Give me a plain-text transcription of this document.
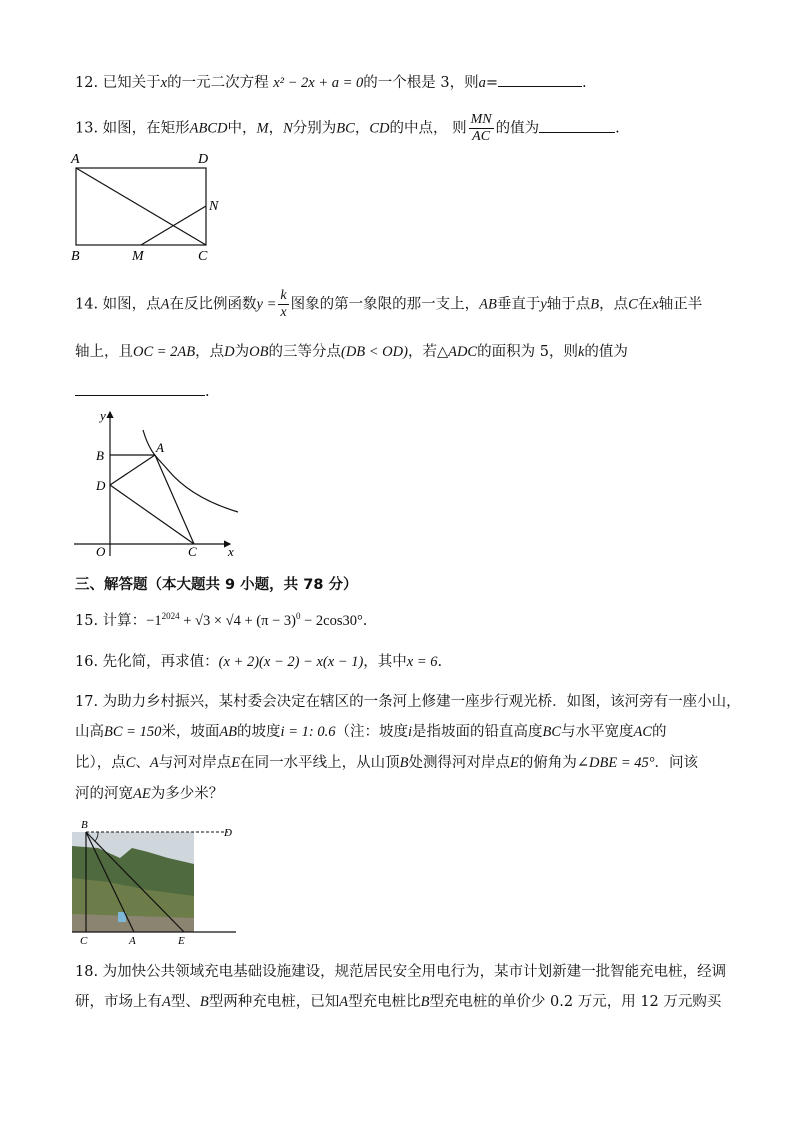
12. 已知关于x的一元二次方程 x² − 2x + a = 0的一个根是 3，则a=	.
13. 如图，在矩形ABCD中，M，N分别为BC，CD的中点， 则 $\frac{MN}{AC}$ 的值为	.
A	D
N
B	M	C
14. 如图，点A在反比例函数$y = \frac{k}{x}$ 图象的第一象限的那一支上，AB垂直于y轴于点B，点C在x轴正半
轴上，且OC = 2AB，点D为OB的三等分点(DB < OD)，若△ADC的面积为 5，则k的值为
.
y
B
A
D
O	C x
三、解答题（本大题共 9 小题，共 78 分）
15. 计算：$-1^{2024} + √3 \times √4 + (\pi - 3)^0 - 2\cos 30^\circ$.
16. 先化简，再求值：(x + 2)(x − 2) − x(x − 1)，其中x = 6.
17. 为助力乡村振兴，某村委会决定在辖区的一条河上修建一座步行观光桥．如图，该河旁有一座小山，
山高BC = 150米，坡面AB的坡度i = 1: 0.6（注：坡度i是指坡面的铅直高度BC与水平宽度AC的
比），点C、A与河对岸点E在同一水平线上，从山顶B处测得河对岸点E的俯角为∠DBE = 45°．问该
河的河宽AE为多少米？
B
D
C	A	E
18. 为加快公共领域充电基础设施建设，规范居民安全用电行为，某市计划新建一批智能充电桩，经调
研，市场上有A型、B型两种充电桩，已知A型充电桩比B型充电桩的单价少 0.2 万元，用 12 万元购买
